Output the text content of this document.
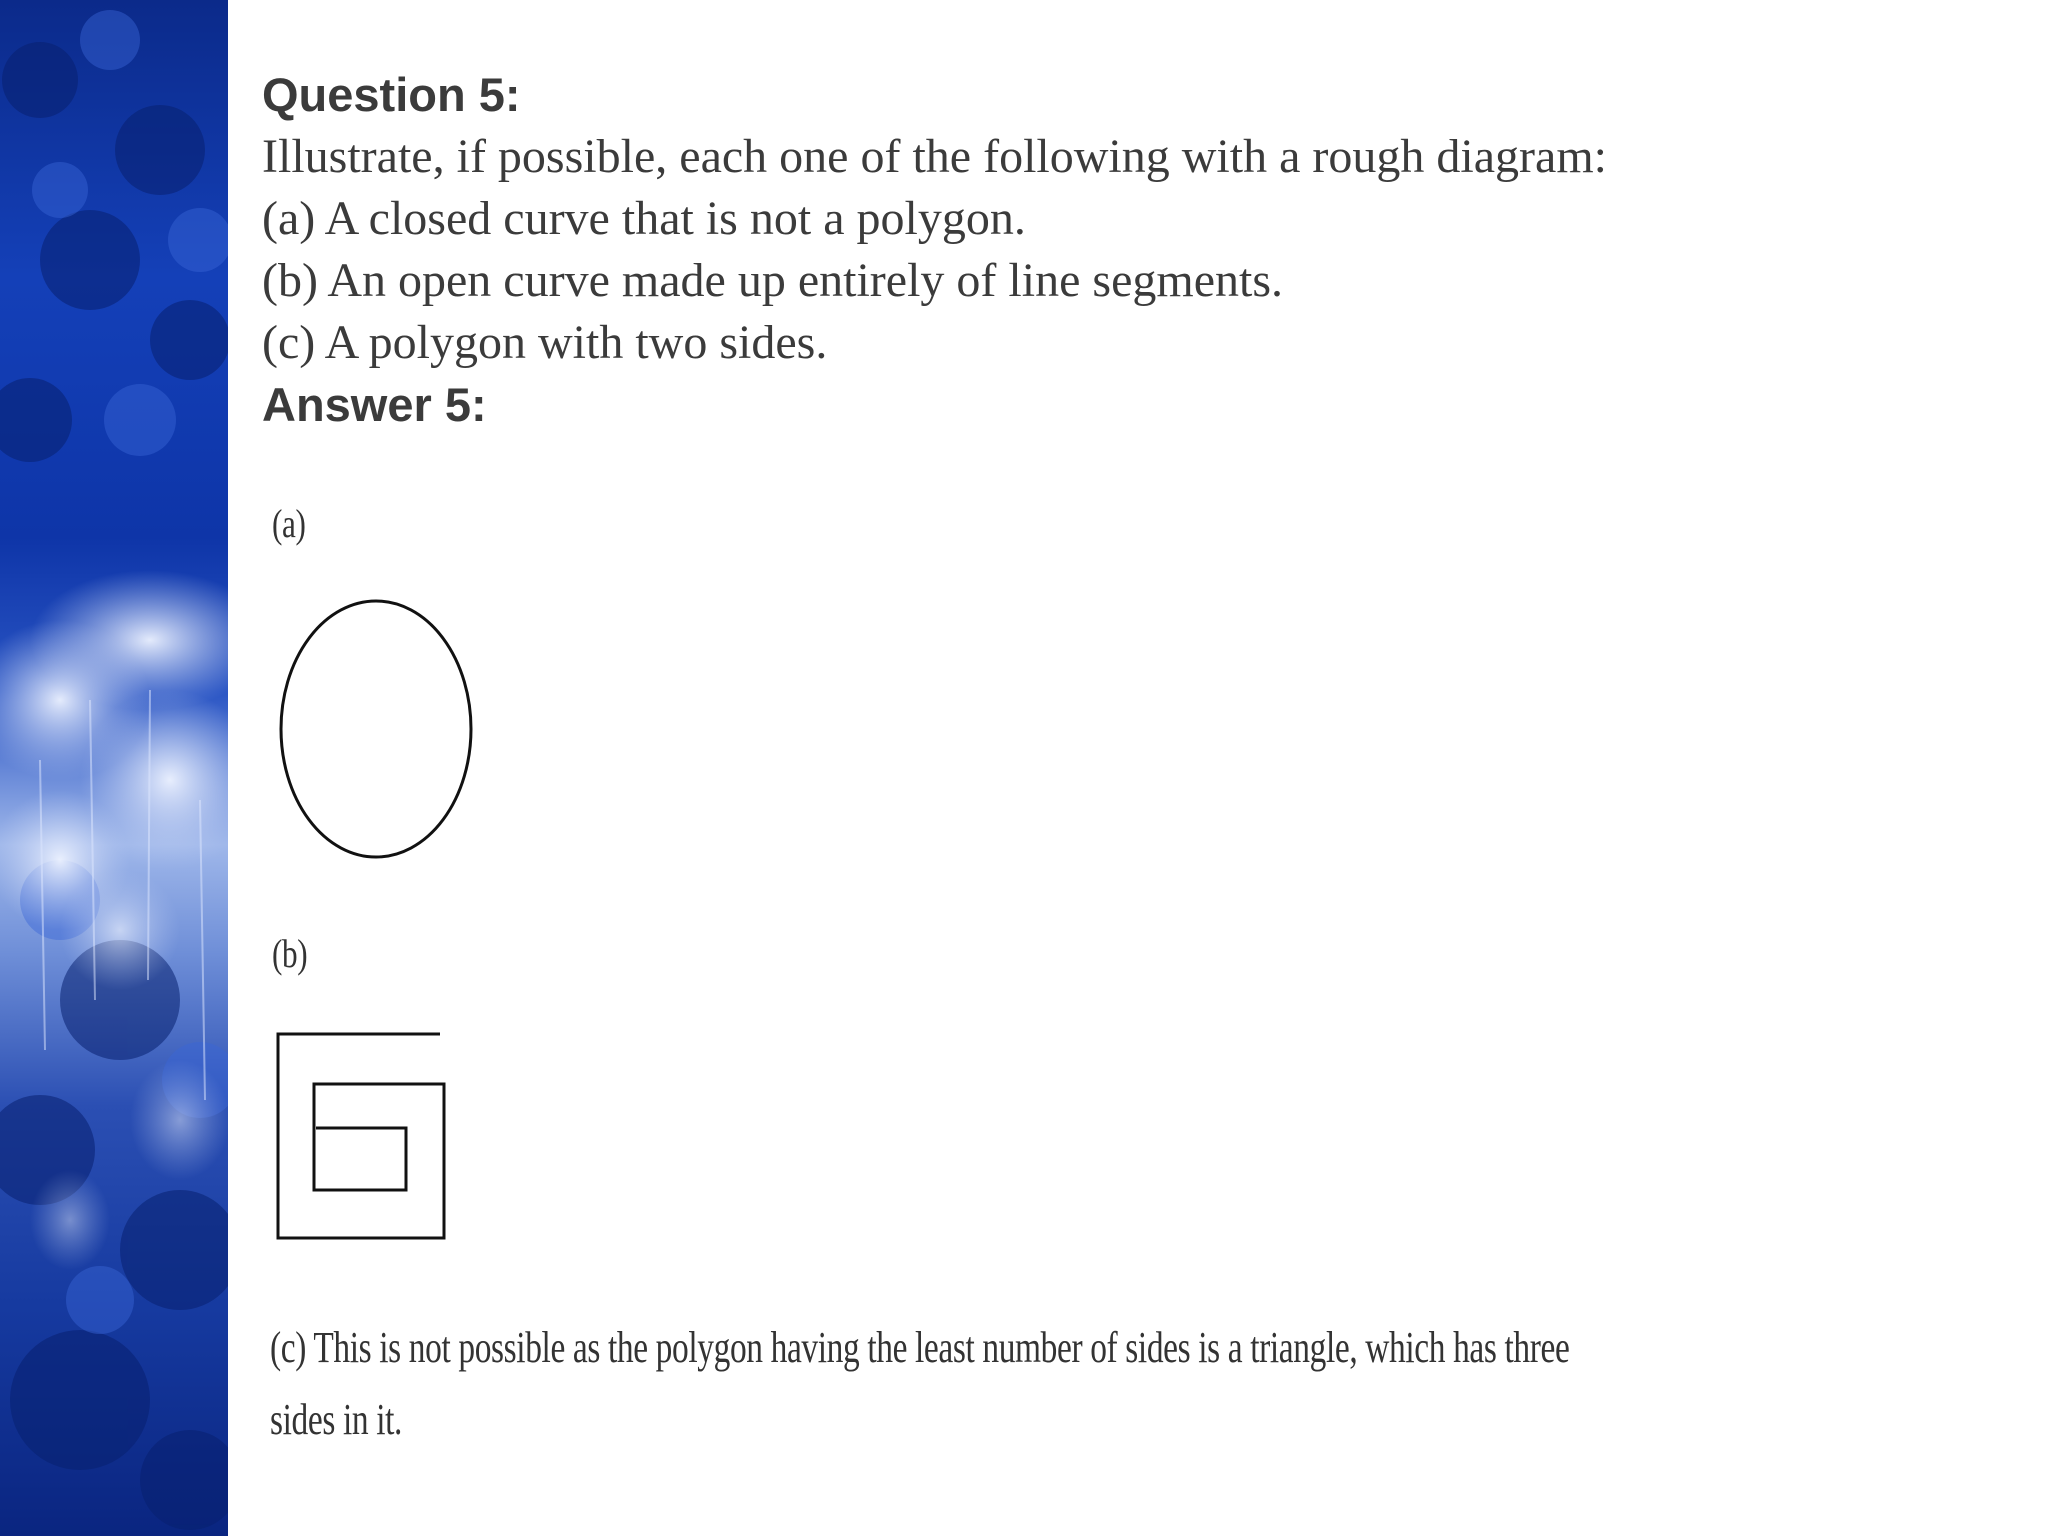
Question 5:

Illustrate, if possible, each one of the following with a rough diagram:

(a) A closed curve that is not a polygon.

(b) An open curve made up entirely of line segments.

(c) A polygon with two sides.

Answer 5:

(a)
(b)
(c) This is not possible as the polygon having the least number of sides is a triangle, which has three
sides in it.
